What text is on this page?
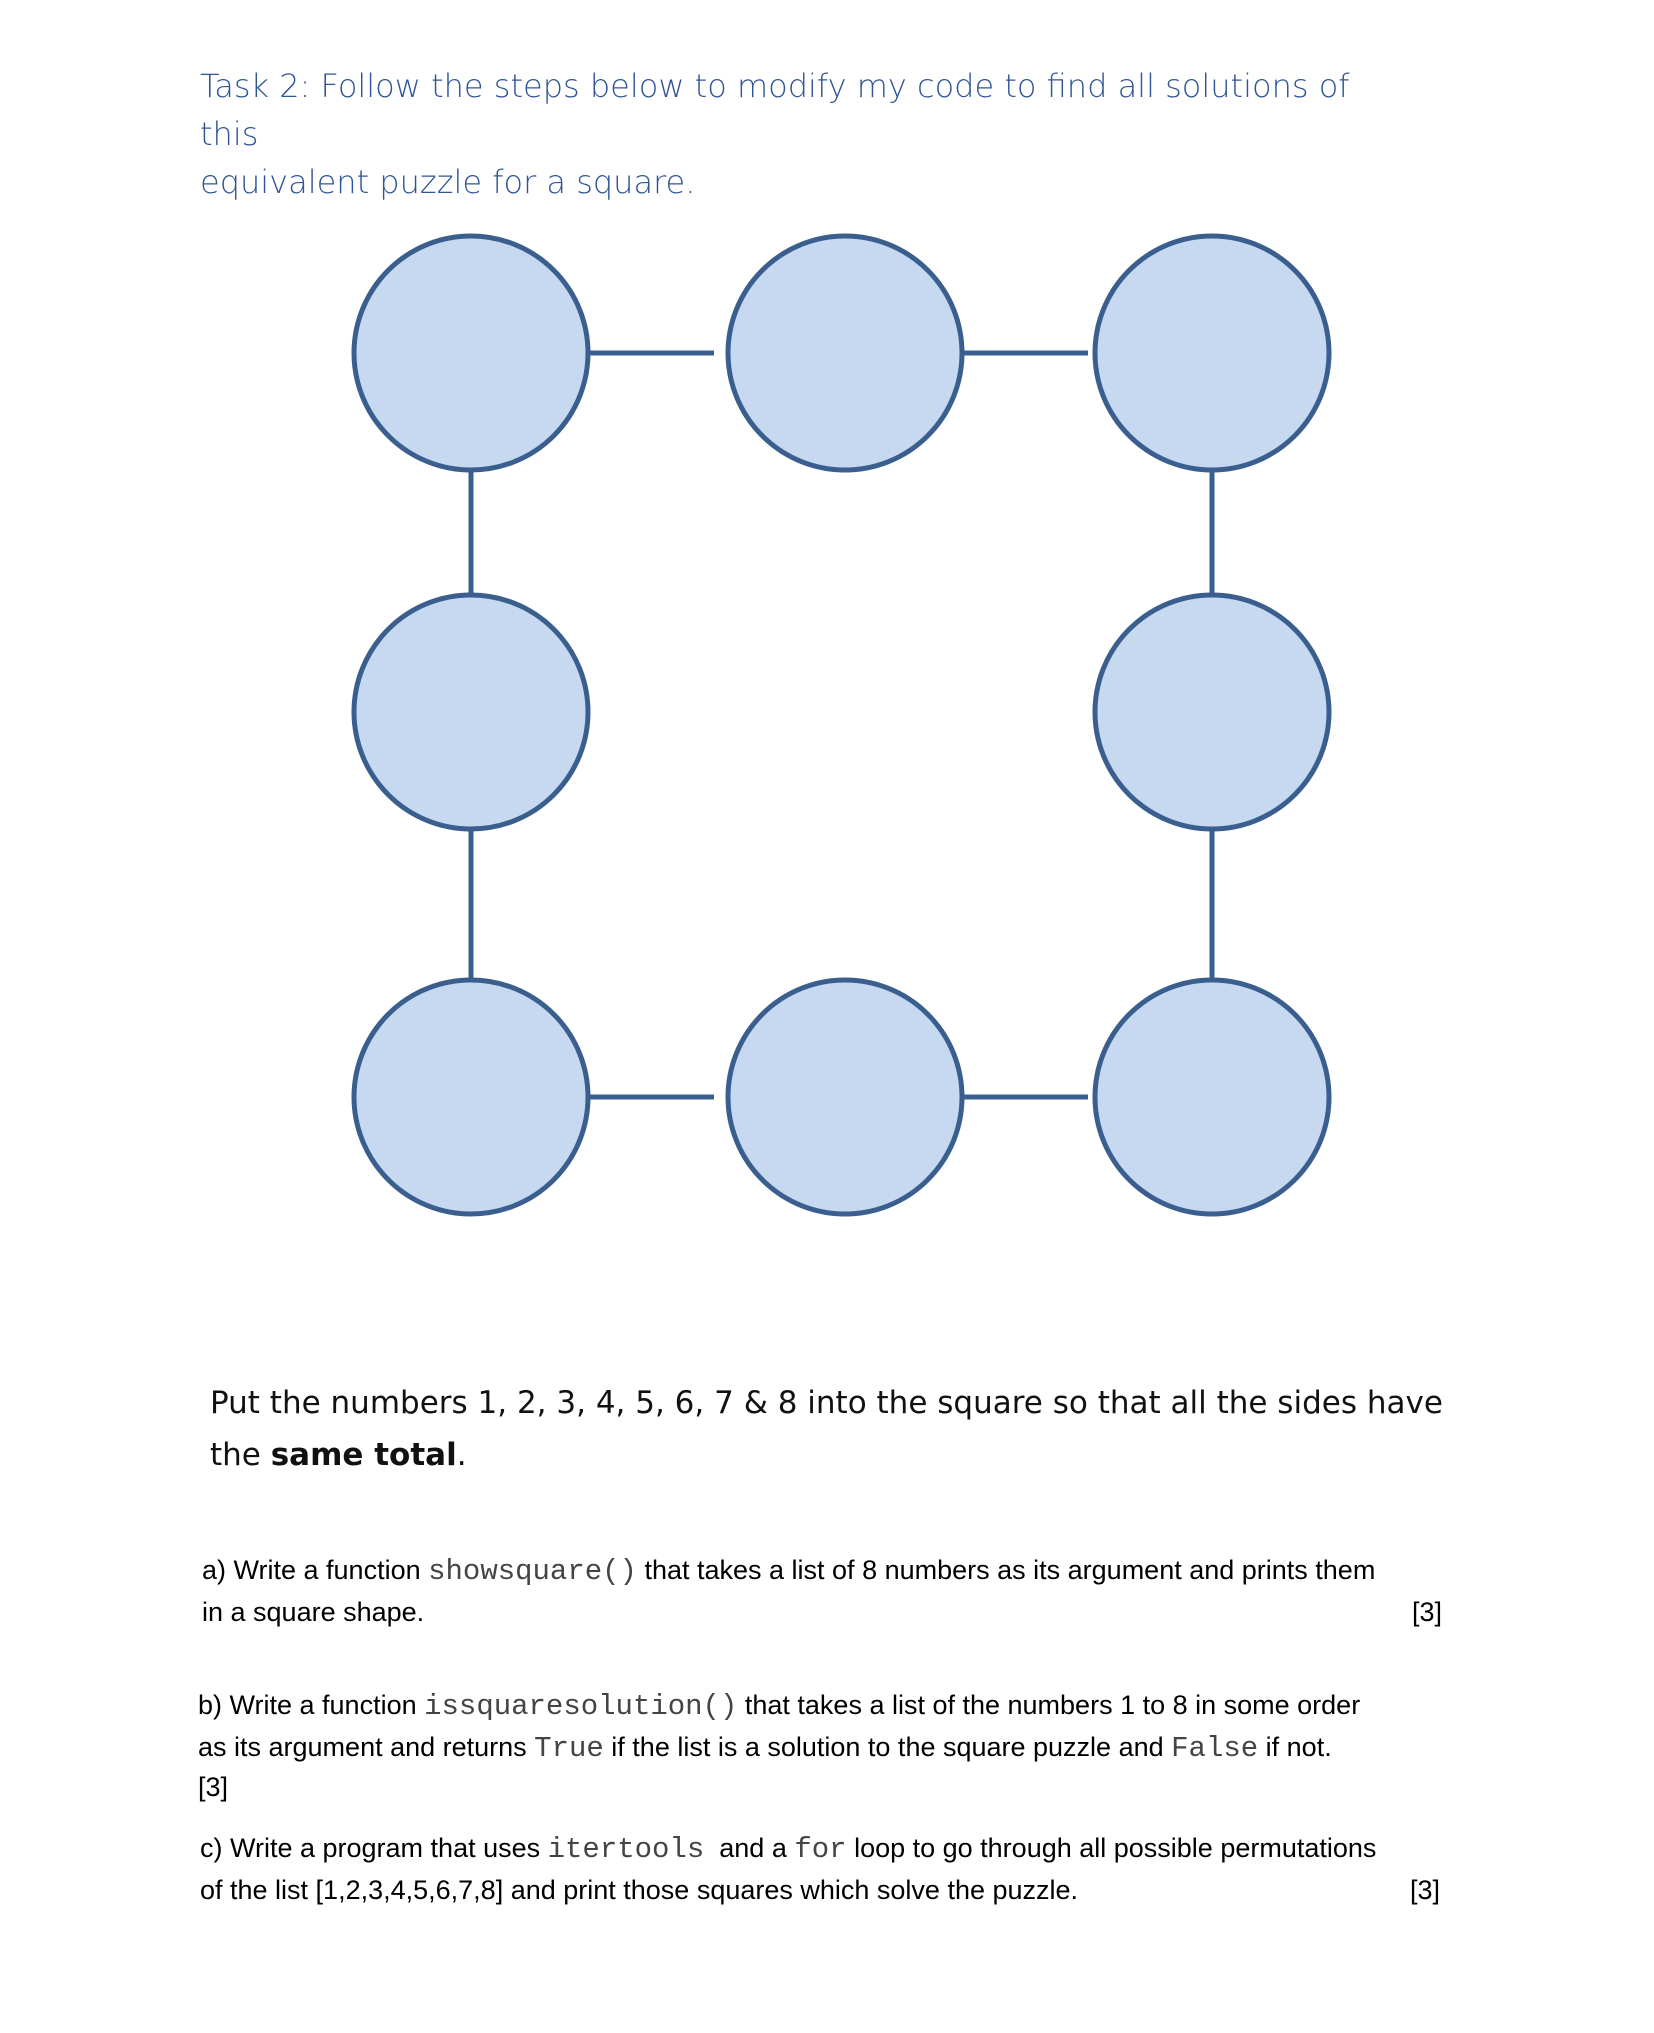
Task 2: Follow the steps below to modify my code to find all solutions of this
equivalent puzzle for a square.
Put the numbers 1, 2, 3, 4, 5, 6, 7 & 8 into the square so that all the sides have
the same total.
a) Write a function showsquare() that takes a list of 8 numbers as its argument and prints them
in a square shape.	[3]
b) Write a function issquaresolution() that takes a list of the numbers 1 to 8 in some order
as its argument and returns True if the list is a solution to the square puzzle and False if not.
[3]
c) Write a program that uses itertools  and a for loop to go through all possible permutations
of the list [1,2,3,4,5,6,7,8] and print those squares which solve the puzzle.	[3]
